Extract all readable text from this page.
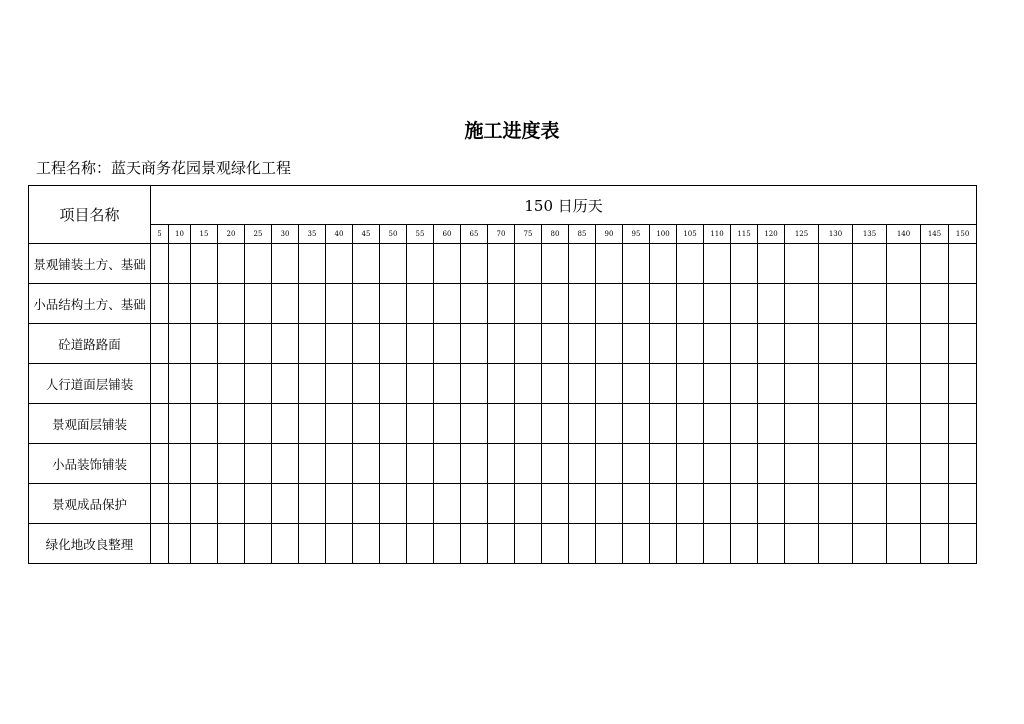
施工进度表
工程名称：蓝天商务花园景观绿化工程
项目名称	150 日历天																													
	5	10	15	20	25	30	35	40	45	50	55	60	65	70	75	80	85	90	95	100	105	110	115	120	125	130	135	140	145	150
景观铺装土方、基础																														
小品结构土方、基础																														
砼道路路面																														
人行道面层铺装																														
景观面层铺装																														
小品装饰铺装																														
景观成品保护																														
绿化地改良整理																														
